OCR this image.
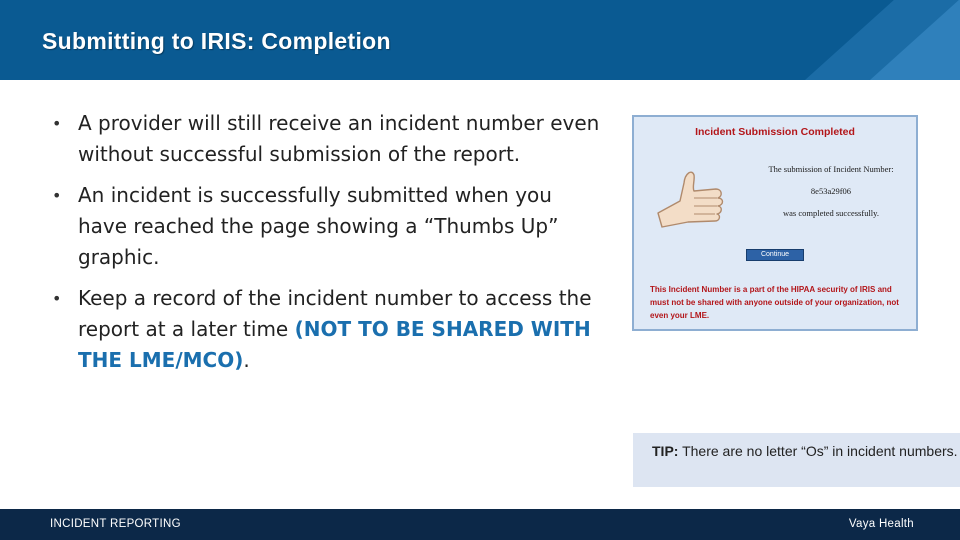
Submitting to IRIS: Completion
• A provider will still receive an incident number even without successful submission of the report.
• An incident is successfully submitted when you have reached the page showing a “Thumbs Up” graphic.
• Keep a record of the incident number to access the report at a later time (NOT TO BE SHARED WITH THE LME/MCO).
Incident Submission Completed
The submission of Incident Number:
8e53a29f06
was completed successfully.
Continue
This Incident Number is a part of the HIPAA security of IRIS and must not be shared with anyone outside of your organization, not even your LME.
TIP: There are no letter “Os” in incident numbers.
INCIDENT REPORTING	Vaya Health
